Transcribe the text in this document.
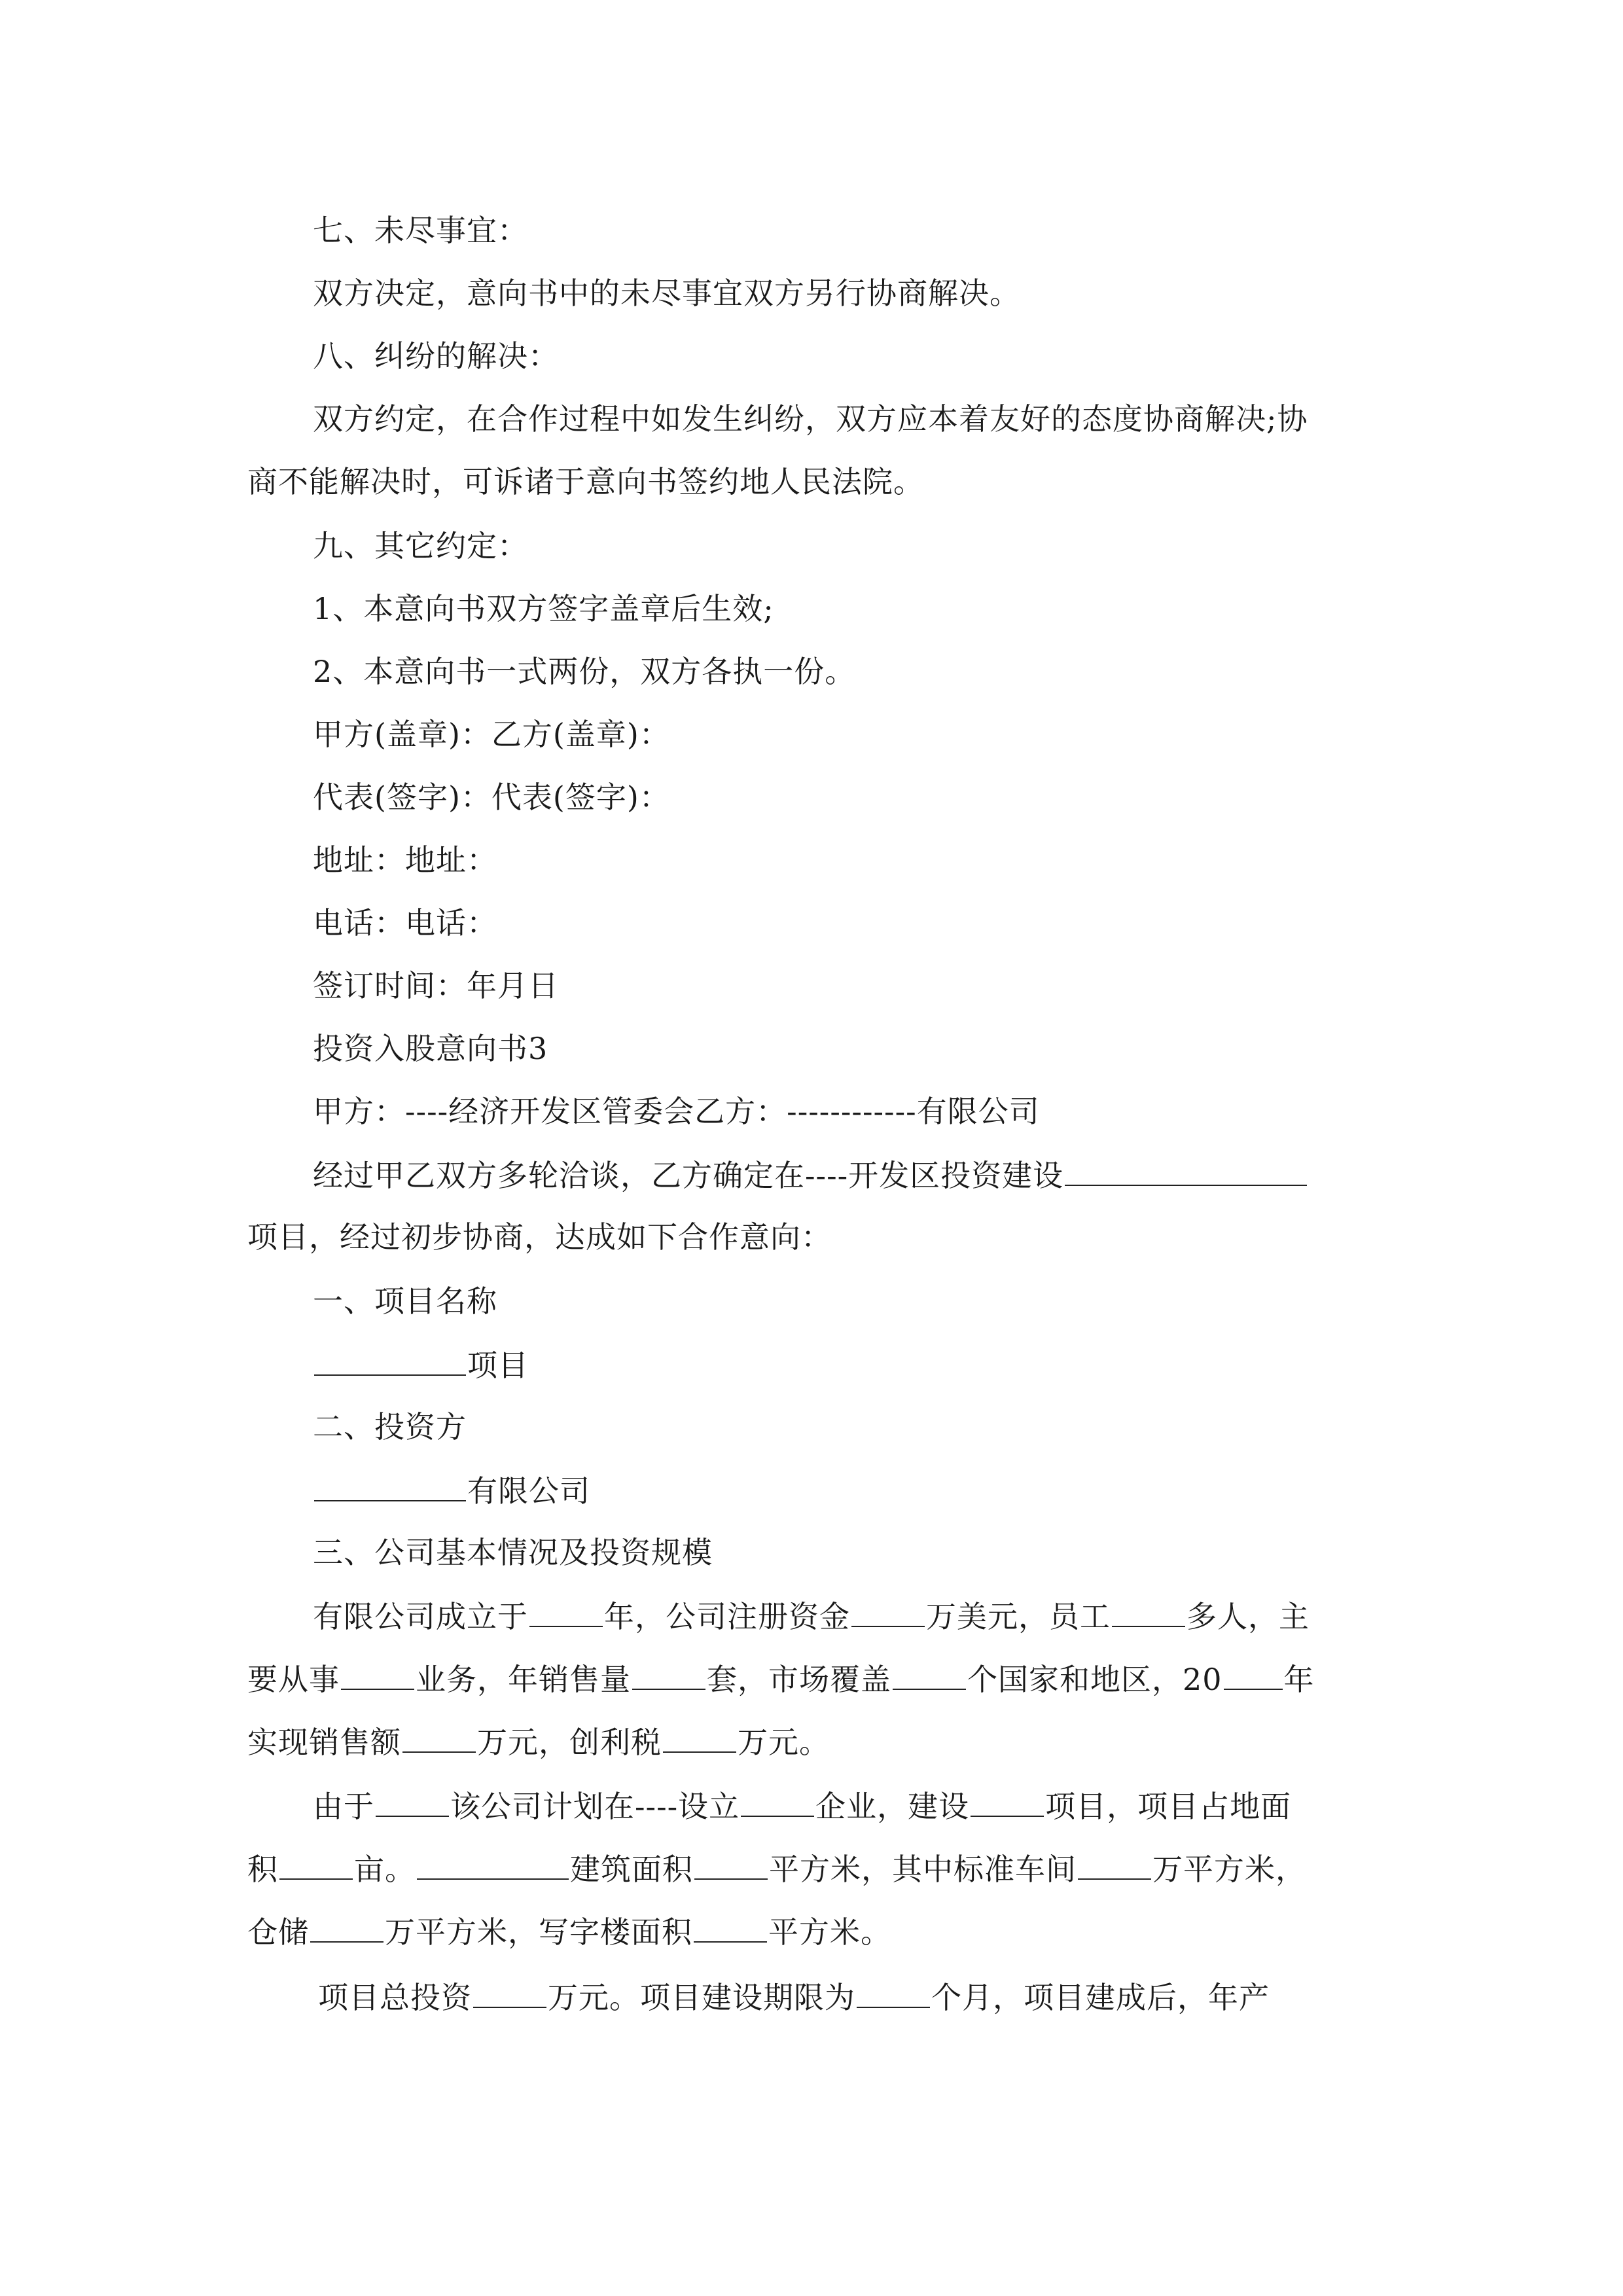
七、未尽事宜：
双方决定，意向书中的未尽事宜双方另行协商解决。
八、纠纷的解决：
双方约定，在合作过程中如发生纠纷，双方应本着友好的态度协商解决;协
商不能解决时，可诉诸于意向书签约地人民法院。
九、其它约定：
1、本意向书双方签字盖章后生效;
2、本意向书一式两份，双方各执一份。
甲方(盖章)：乙方(盖章)：
代表(签字)：代表(签字)：
地址：地址：
电话：电话：
签订时间：年月日
投资入股意向书3
甲方：----经济开发区管委会乙方：------------有限公司
经过甲乙双方多轮洽谈，乙方确定在----开发区投资建设
项目，经过初步协商，达成如下合作意向：
一、项目名称
项目
二、投资方
有限公司
三、公司基本情况及投资规模
有限公司成立于	年，公司注册资金	万美元，员工	多人，主
要从事	业务，年销售量	套，市场覆盖	个国家和地区，20 年
实现销售额	万元，创利税	万元。
由于	该公司计划在----设立	企业，建设	项目，项目占地面
积	亩。	建筑面积	平方米，其中标准车间	万平方米，
仓储	万平方米，写字楼面积	平方米。
项目总投资	万元。项目建设期限为	个月，项目建成后，年产
